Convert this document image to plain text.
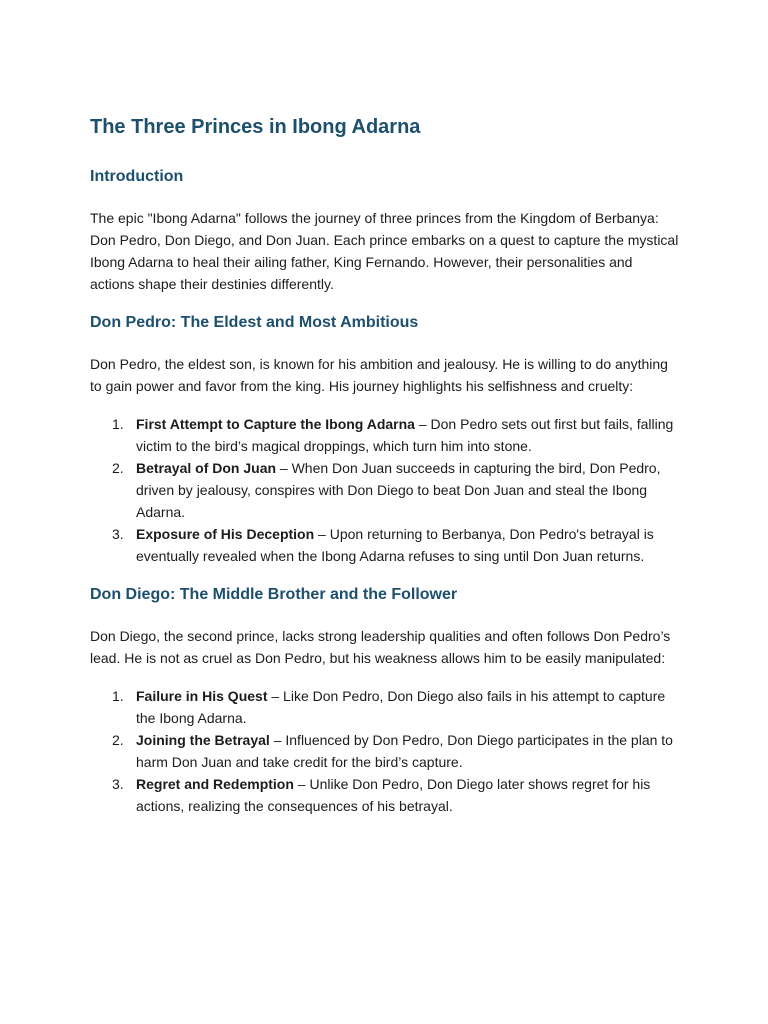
The Three Princes in Ibong Adarna
Introduction

The epic "Ibong Adarna" follows the journey of three princes from the Kingdom of Berbanya: Don Pedro, Don Diego, and Don Juan. Each prince embarks on a quest to capture the mystical Ibong Adarna to heal their ailing father, King Fernando. However, their personalities and actions shape their destinies differently.

Don Pedro: The Eldest and Most Ambitious

Don Pedro, the eldest son, is known for his ambition and jealousy. He is willing to do anything to gain power and favor from the king. His journey highlights his selfishness and cruelty:

1. First Attempt to Capture the Ibong Adarna – Don Pedro sets out first but fails, falling victim to the bird’s magical droppings, which turn him into stone.
2. Betrayal of Don Juan – When Don Juan succeeds in capturing the bird, Don Pedro, driven by jealousy, conspires with Don Diego to beat Don Juan and steal the Ibong Adarna.
3. Exposure of His Deception – Upon returning to Berbanya, Don Pedro's betrayal is eventually revealed when the Ibong Adarna refuses to sing until Don Juan returns.
Don Diego: The Middle Brother and the Follower

Don Diego, the second prince, lacks strong leadership qualities and often follows Don Pedro’s lead. He is not as cruel as Don Pedro, but his weakness allows him to be easily manipulated:

1. Failure in His Quest – Like Don Pedro, Don Diego also fails in his attempt to capture the Ibong Adarna.
2. Joining the Betrayal – Influenced by Don Pedro, Don Diego participates in the plan to harm Don Juan and take credit for the bird’s capture.
3. Regret and Redemption – Unlike Don Pedro, Don Diego later shows regret for his actions, realizing the consequences of his betrayal.
